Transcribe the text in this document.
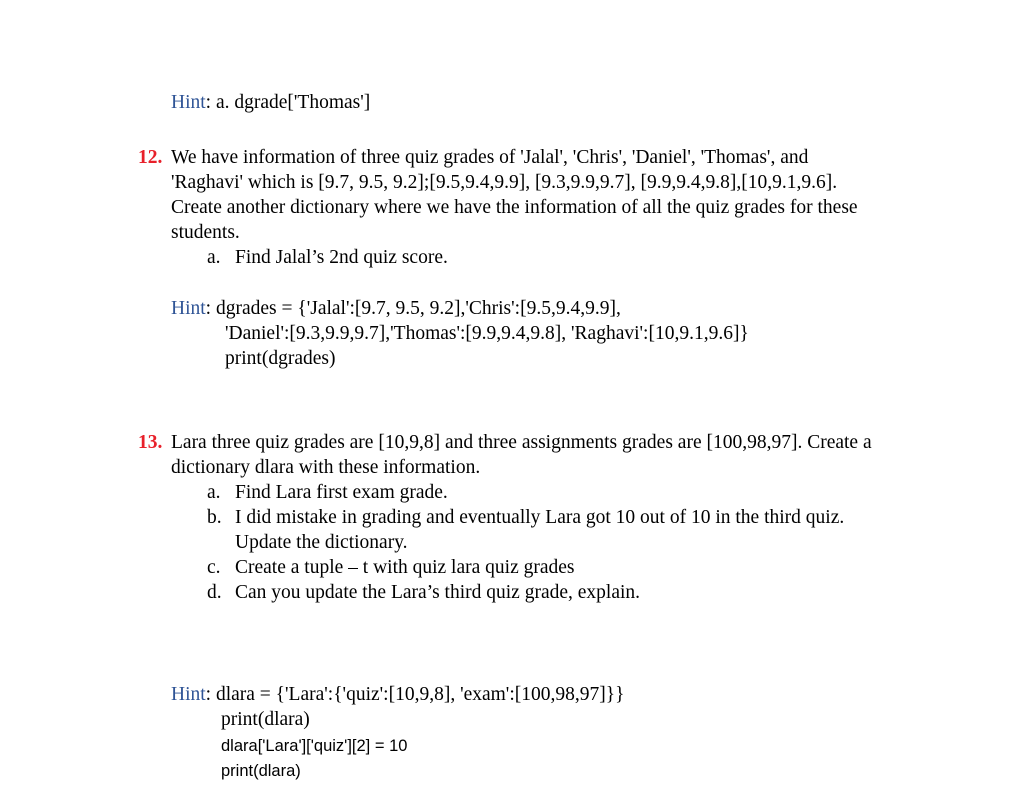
Hint: a. dgrade['Thomas']
12. We have information of three quiz grades of 'Jalal', 'Chris', 'Daniel', 'Thomas', and
'Raghavi' which is [9.7, 9.5, 9.2];[9.5,9.4,9.9], [9.3,9.9,9.7], [9.9,9.4,9.8],[10,9.1,9.6].
Create another dictionary where we have the information of all the quiz grades for these
students.
a. Find Jalal’s 2nd quiz score.
Hint: dgrades = {'Jalal':[9.7, 9.5, 9.2],'Chris':[9.5,9.4,9.9],
'Daniel':[9.3,9.9,9.7],'Thomas':[9.9,9.4,9.8], 'Raghavi':[10,9.1,9.6]}
print(dgrades)
13. Lara three quiz grades are [10,9,8] and three assignments grades are [100,98,97]. Create a
dictionary dlara with these information.
a. Find Lara first exam grade.
b. I did mistake in grading and eventually Lara got 10 out of 10 in the third quiz.
Update the dictionary.
c. Create a tuple – t with quiz lara quiz grades
d. Can you update the Lara’s third quiz grade, explain.
Hint: dlara = {'Lara':{'quiz':[10,9,8], 'exam':[100,98,97]}}
print(dlara)
dlara['Lara']['quiz'][2] = 10
print(dlara)
